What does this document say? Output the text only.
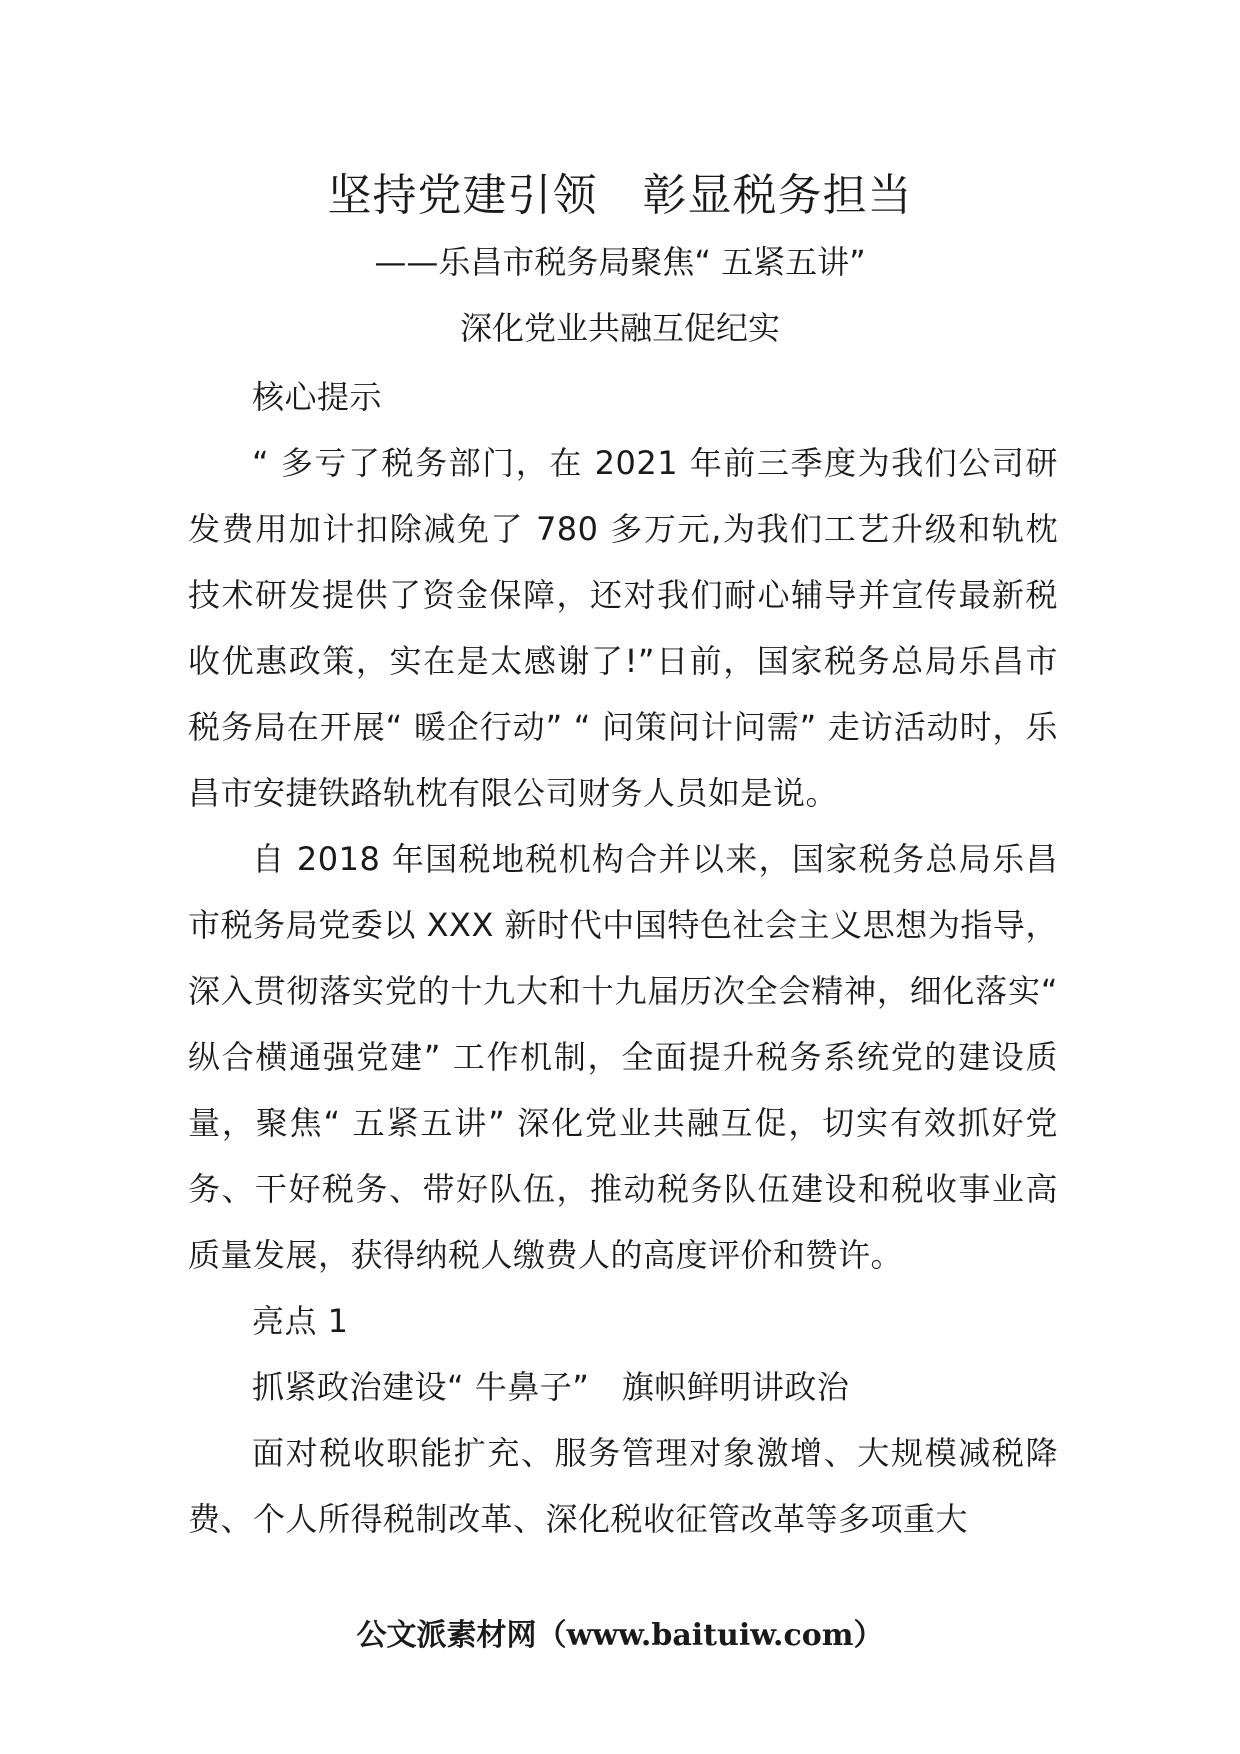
坚持党建引领　彰显税务担当
——乐昌市税务局聚焦“ 五紧五讲”
深化党业共融互促纪实

核心提示

“ 多亏了税务部门，在 2021 年前三季度为我们公司研发费用加计扣除减免了 780 多万元,为我们工艺升级和轨枕技术研发提供了资金保障，还对我们耐心辅导并宣传最新税收优惠政策，实在是太感谢了!”日前，国家税务总局乐昌市税务局在开展“ 暖企行动” “ 问策问计问需” 走访活动时，乐昌市安捷铁路轨枕有限公司财务人员如是说。

自 2018 年国税地税机构合并以来，国家税务总局乐昌市税务局党委以 XXX 新时代中国特色社会主义思想为指导，深入贯彻落实党的十九大和十九届历次全会精神，细化落实“ 纵合横通强党建” 工作机制，全面提升税务系统党的建设质量，聚焦“ 五紧五讲” 深化党业共融互促，切实有效抓好党务、干好税务、带好队伍，推动税务队伍建设和税收事业高质量发展，获得纳税人缴费人的高度评价和赞许。

亮点 1

抓紧政治建设“ 牛鼻子”　旗帜鲜明讲政治

面对税收职能扩充、服务管理对象激增、大规模减税降费、个人所得税制改革、深化税收征管改革等多项重大

公文派素材网（www.baituiw.com）
